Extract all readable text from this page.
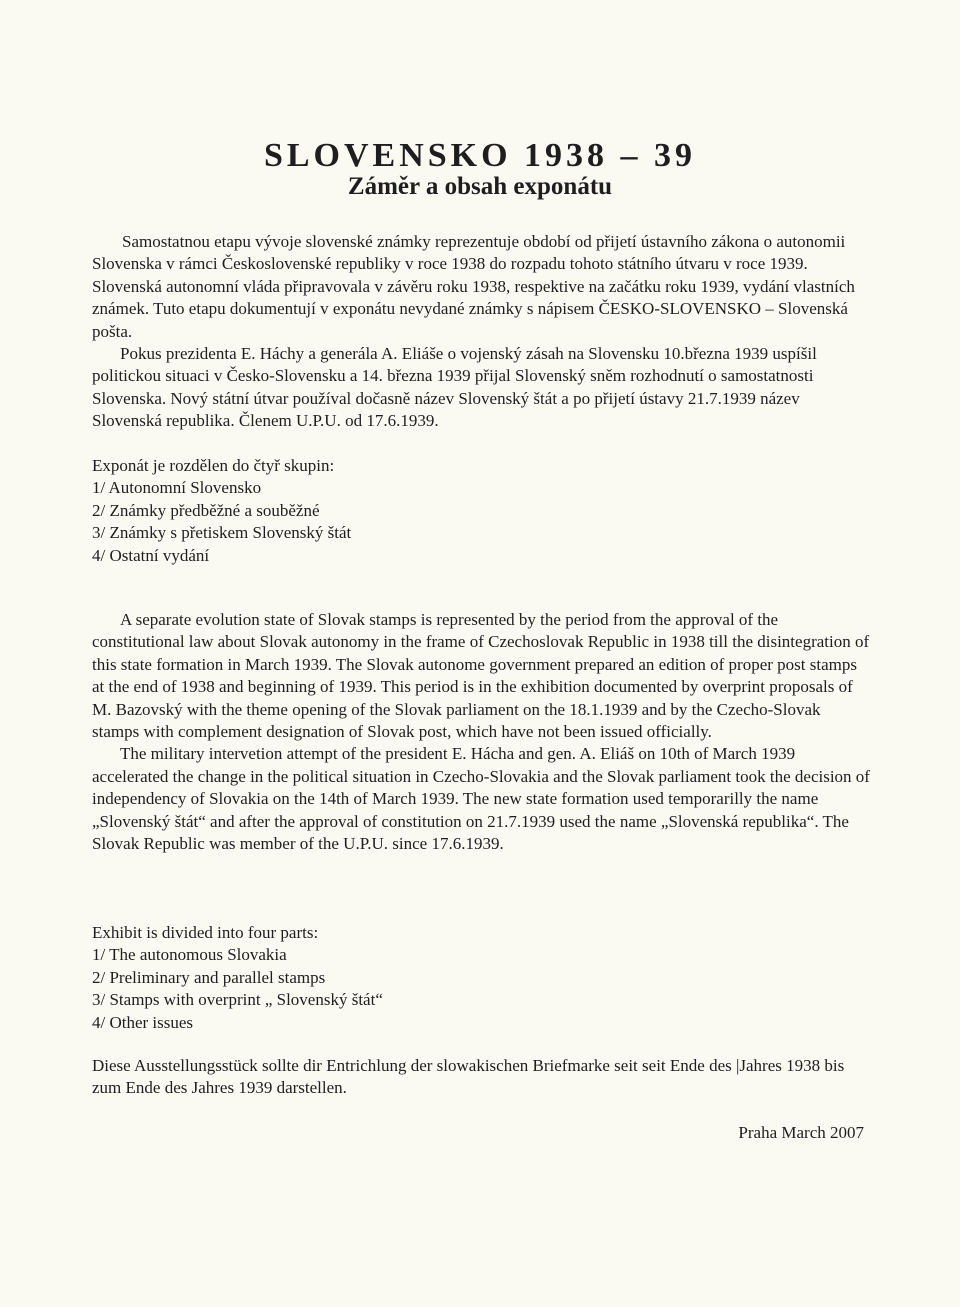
SLOVENSKO 1938 – 39
Záměr a obsah exponátu

Samostatnou etapu vývoje slovenské známky reprezentuje období od přijetí ústavního zákona o autonomii Slovenska v rámci Československé republiky v roce 1938 do rozpadu tohoto státního útvaru v roce 1939. Slovenská autonomní vláda připravovala v závěru roku 1938, respektive na začátku roku 1939, vydání vlastních známek. Tuto etapu dokumentují v exponátu nevydané známky s nápisem ČESKO-SLOVENSKO – Slovenská pošta.

Pokus prezidenta E. Háchy a generála A. Eliáše o vojenský zásah na Slovensku 10.března 1939 uspíšil politickou situaci v Česko-Slovensku a 14. března 1939 přijal Slovenský sněm rozhodnutí o samostatnosti Slovenska. Nový státní útvar používal dočasně název Slovenský štát a po přijetí ústavy 21.7.1939 název Slovenská republika. Členem U.P.U. od 17.6.1939.

Exponát je rozdělen do čtyř skupin:
1/ Autonomní Slovensko
2/ Známky předběžné a souběžné
3/ Známky s přetiskem Slovenský štát
4/ Ostatní vydání

A separate evolution state of Slovak stamps is represented by the period from the approval of the constitutional law about Slovak autonomy in the frame of Czechoslovak Republic in 1938 till the disintegration of this state formation in March 1939. The Slovak autonome government prepared an edition of proper post stamps at the end of 1938 and beginning of 1939. This period is in the exhibition documented by overprint proposals of M. Bazovský with the theme opening of the Slovak parliament on the 18.1.1939 and by the Czecho-Slovak stamps with complement designation of Slovak post, which have not been issued officially.

The military intervetion attempt of the president E. Hácha and gen. A. Eliáš on 10th of March 1939 accelerated the change in the political situation in Czecho-Slovakia and the Slovak parliament took the decision of independency of Slovakia on the 14th of March 1939. The new state formation used temporarilly the name „Slovenský štát“ and after the approval of constitution on 21.7.1939 used the name „Slovenská republika“. The Slovak Republic was member of the U.P.U. since 17.6.1939.

Exhibit is divided into four parts:
1/ The autonomous Slovakia
2/ Preliminary and parallel stamps
3/ Stamps with overprint „ Slovenský štát“
4/ Other issues

Diese Ausstellungsstück sollte dir Entrichlung der slowakischen Briefmarke seit seit Ende des |Jahres 1938 bis zum Ende des Jahres 1939 darstellen.

Praha March 2007
